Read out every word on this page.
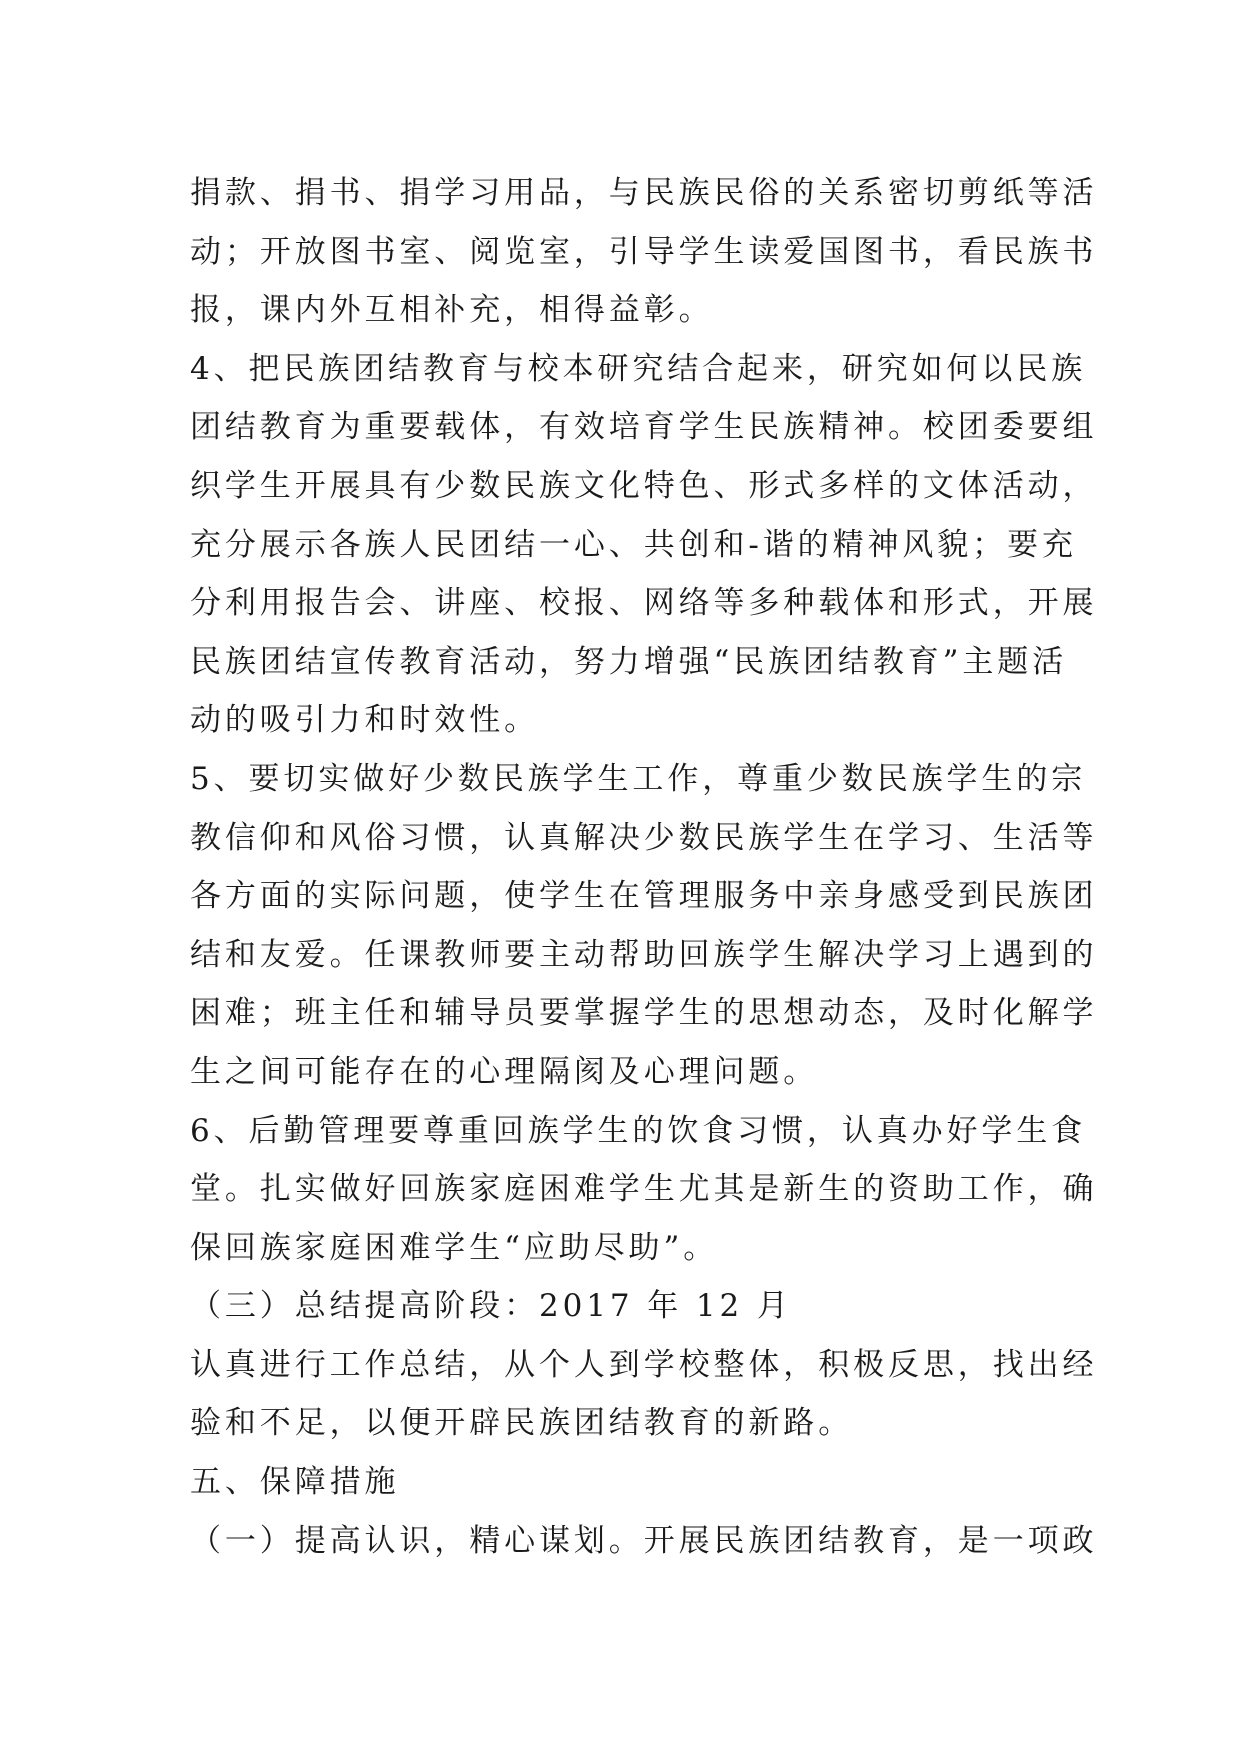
捐款、捐书、捐学习用品，与民族民俗的关系密切剪纸等活
动；开放图书室、阅览室，引导学生读爱国图书，看民族书
报，课内外互相补充，相得益彰。
4、把民族团结教育与校本研究结合起来，研究如何以民族
团结教育为重要载体，有效培育学生民族精神。校团委要组
织学生开展具有少数民族文化特色、形式多样的文体活动，
充分展示各族人民团结一心、共创和-谐的精神风貌；要充
分利用报告会、讲座、校报、网络等多种载体和形式，开展
民族团结宣传教育活动，努力增强“民族团结教育”主题活
动的吸引力和时效性。
5、要切实做好少数民族学生工作，尊重少数民族学生的宗
教信仰和风俗习惯，认真解决少数民族学生在学习、生活等
各方面的实际问题，使学生在管理服务中亲身感受到民族团
结和友爱。任课教师要主动帮助回族学生解决学习上遇到的
困难；班主任和辅导员要掌握学生的思想动态，及时化解学
生之间可能存在的心理隔阂及心理问题。
6、后勤管理要尊重回族学生的饮食习惯，认真办好学生食
堂。扎实做好回族家庭困难学生尤其是新生的资助工作，确
保回族家庭困难学生“应助尽助”。
（三）总结提高阶段：2017 年 12 月
认真进行工作总结，从个人到学校整体，积极反思，找出经
验和不足，以便开辟民族团结教育的新路。
五、保障措施
（一）提高认识，精心谋划。开展民族团结教育，是一项政
